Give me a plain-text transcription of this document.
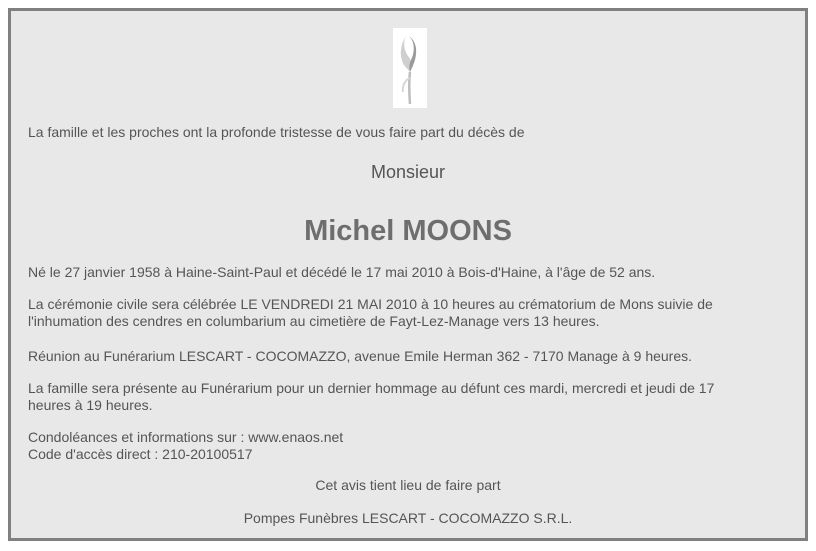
La famille et les proches ont la profonde tristesse de vous faire part du décès de

Monsieur

Michel MOONS

Né le 27 janvier 1958 à Haine-Saint-Paul et décédé le 17 mai 2010 à Bois-d'Haine, à l'âge de 52 ans.

La cérémonie civile sera célébrée LE VENDREDI 21 MAI 2010 à 10 heures au crématorium de Mons suivie de
l'inhumation des cendres en columbarium au cimetière de Fayt-Lez-Manage vers 13 heures.

Réunion au Funérarium LESCART - COCOMAZZO, avenue Emile Herman 362 - 7170 Manage à 9 heures.

La famille sera présente au Funérarium pour un dernier hommage au défunt ces mardi, mercredi et jeudi de 17
heures à 19 heures.
Condoléances et informations sur : www.enaos.net
Code d'accès direct : 210-20100517

Cet avis tient lieu de faire part

Pompes Funèbres LESCART - COCOMAZZO S.R.L.
